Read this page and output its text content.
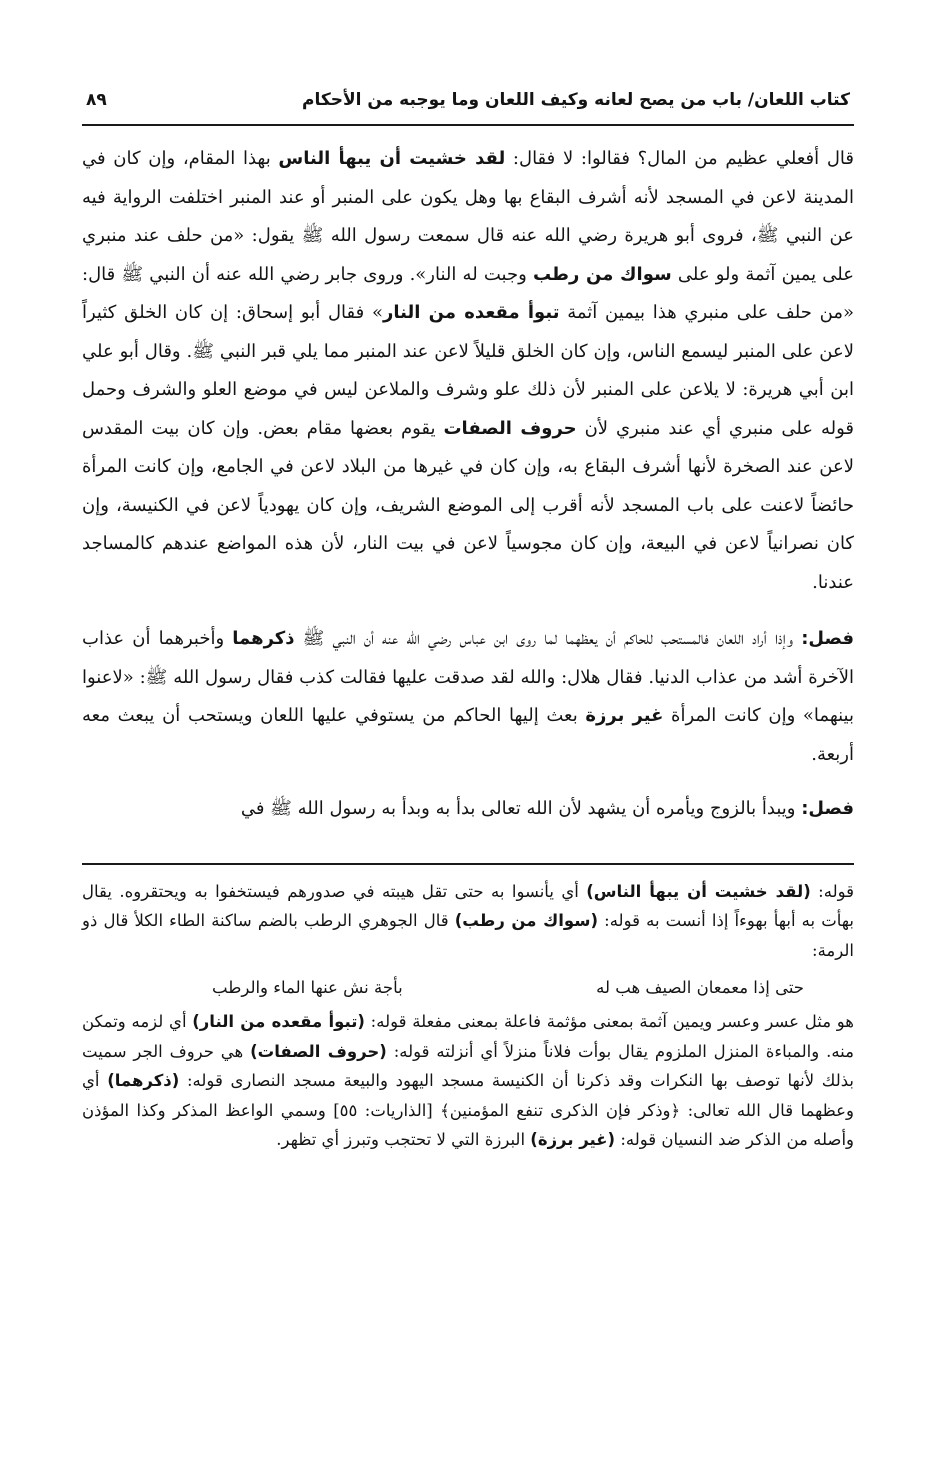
كتاب اللعان/ باب من يصح لعانه وكيف اللعان وما يوجبه من الأحكام
٨٩

قال أفعلي عظيم من المال؟ فقالوا: لا فقال: لقد خشيت أن يبهأ الناس بهذا المقام، وإن كان في المدينة لاعن في المسجد لأنه أشرف البقاع بها وهل يكون على المنبر أو عند المنبر اختلفت الرواية فيه عن النبي ﷺ، فروى أبو هريرة رضي الله عنه قال سمعت رسول الله ﷺ يقول: «من حلف عند منبري على يمين آثمة ولو على سواك من رطب وجبت له النار». وروى جابر رضي الله عنه أن النبي ﷺ قال: «من حلف على منبري هذا بيمين آثمة تبوأ مقعده من النار» فقال أبو إسحاق: إن كان الخلق كثيراً لاعن على المنبر ليسمع الناس، وإن كان الخلق قليلاً لاعن عند المنبر مما يلي قبر النبي ﷺ. وقال أبو علي ابن أبي هريرة: لا يلاعن على المنبر لأن ذلك علو وشرف والملاعن ليس في موضع العلو والشرف وحمل قوله على منبري أي عند منبري لأن حروف الصفات يقوم بعضها مقام بعض. وإن كان بيت المقدس لاعن عند الصخرة لأنها أشرف البقاع به، وإن كان في غيرها من البلاد لاعن في الجامع، وإن كانت المرأة حائضاً لاعنت على باب المسجد لأنه أقرب إلى الموضع الشريف، وإن كان يهودياً لاعن في الكنيسة، وإن كان نصرانياً لاعن في البيعة، وإن كان مجوسياً لاعن في بيت النار، لأن هذه المواضع عندهم كالمساجد عندنا.

فصل: وإذا أراد اللعان فالمستحب للحاكم أن يعظهما لما روى ابن عباس رضي الله عنه أن النبي ﷺ ذكرهما وأخبرهما أن عذاب الآخرة أشد من عذاب الدنيا. فقال هلال: والله لقد صدقت عليها فقالت كذب فقال رسول الله ﷺ: «لاعنوا بينهما» وإن كانت المرأة غير برزة بعث إليها الحاكم من يستوفي عليها اللعان ويستحب أن يبعث معه أربعة.

فصل: ويبدأ بالزوج ويأمره أن يشهد لأن الله تعالى بدأ به وبدأ به رسول الله ﷺ في

قوله: (لقد خشيت أن يبهأ الناس) أي يأنسوا به حتى تقل هيبته في صدورهم فيستخفوا به ويحتقروه. يقال بهأت به أبهأ بهوءاً إذا أنست به قوله: (سواك من رطب) قال الجوهري الرطب بالضم ساكنة الطاء الكلأ قال ذو الرمة:

حتى إذا معمعان الصيف هب له
بأجة نش عنها الماء والرطب

هو مثل عسر وعسر ويمين آثمة بمعنى مؤثمة فاعلة بمعنى مفعلة قوله: (تبوأ مقعده من النار) أي لزمه وتمكن منه. والمباءة المنزل الملزوم يقال بوأت فلاناً منزلاً أي أنزلته قوله: (حروف الصفات) هي حروف الجر سميت بذلك لأنها توصف بها النكرات وقد ذكرنا أن الكنيسة مسجد اليهود والبيعة مسجد النصارى قوله: (ذكرهما) أي وعظهما قال الله تعالى: ﴿وذكر فإن الذكرى تنفع المؤمنين﴾ [الذاريات: ٥٥] وسمي الواعظ المذكر وكذا المؤذن وأصله من الذكر ضد النسيان قوله: (غير برزة) البرزة التي لا تحتجب وتبرز أي تظهر.
